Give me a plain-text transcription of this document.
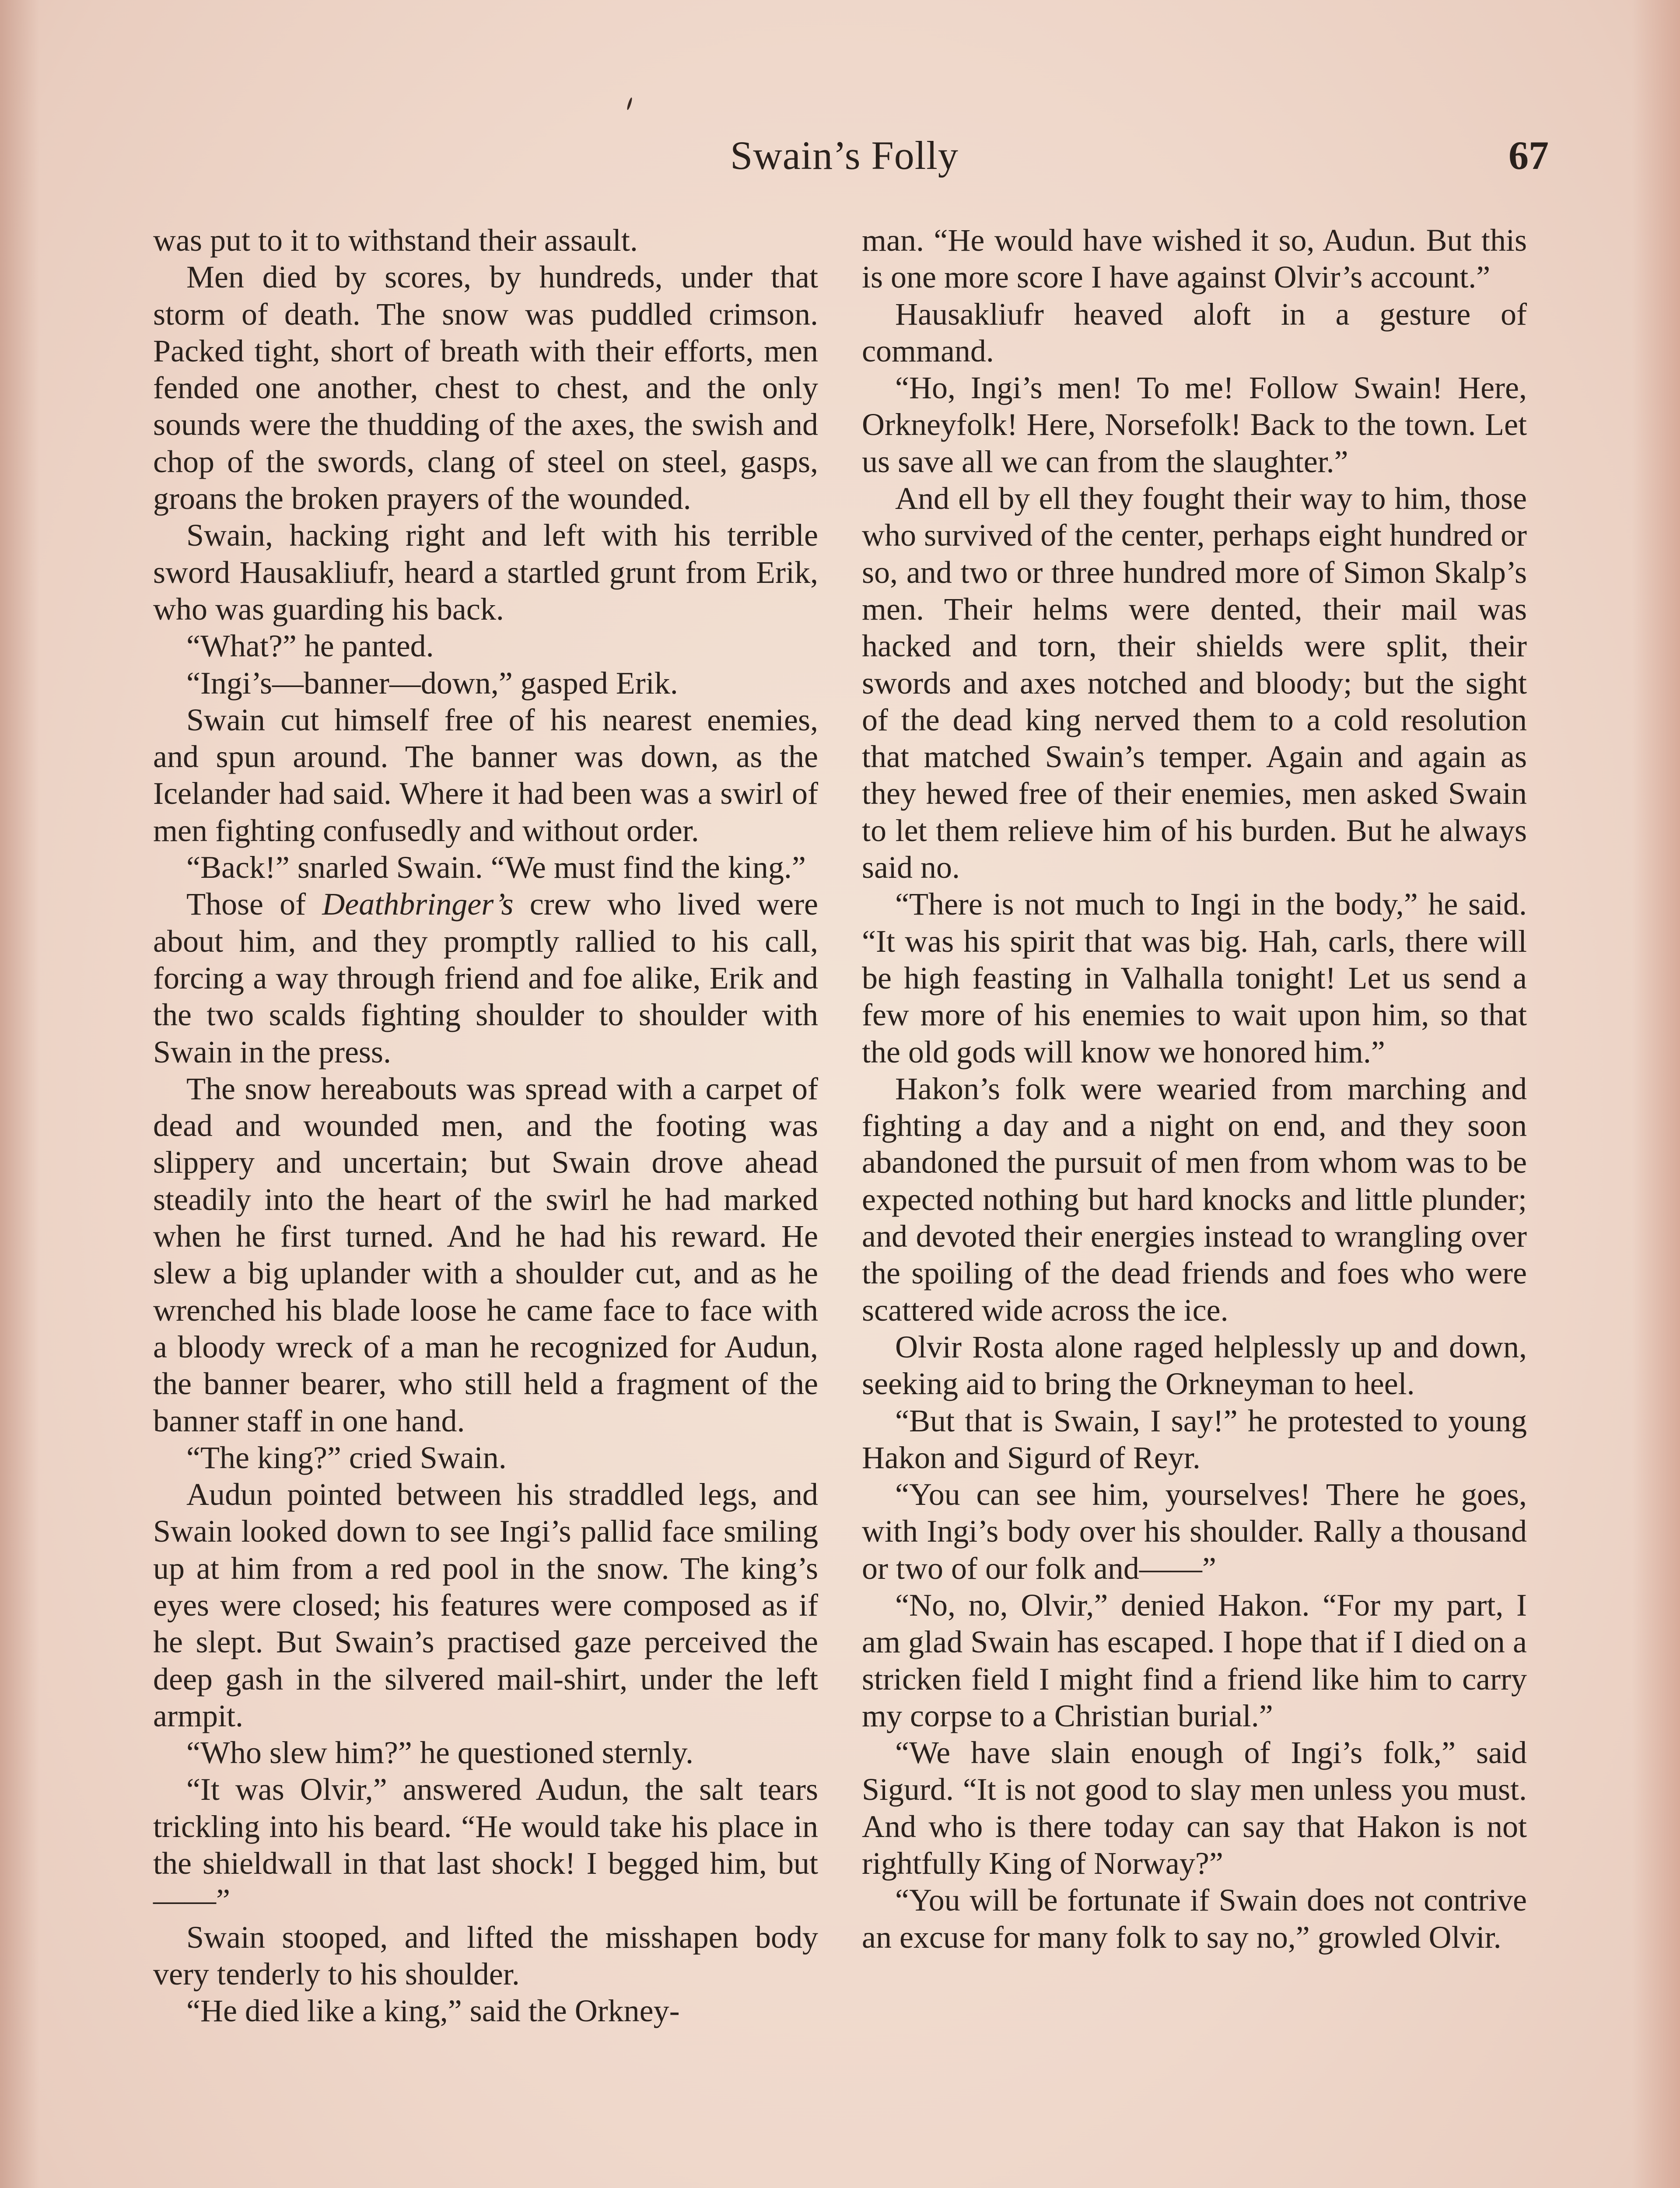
Swain’s Folly	67

was put to it to withstand their assault.

Men died by scores, by hundreds, under that storm of death. The snow was puddled crimson. Packed tight, short of breath with their efforts, men fended one another, chest to chest, and the only sounds were the thudding of the axes, the swish and chop of the swords, clang of steel on steel, gasps, groans the broken prayers of the wounded.

Swain, hacking right and left with his terrible sword Hausakliufr, heard a startled grunt from Erik, who was guarding his back.

“What?” he panted.

“Ingi’s—banner—down,” gasped Erik.

Swain cut himself free of his nearest enemies, and spun around. The banner was down, as the Icelander had said. Where it had been was a swirl of men fighting confusedly and without order.

“Back!” snarled Swain. “We must find the king.”

Those of Deathbringer’s crew who lived were about him, and they promptly rallied to his call, forcing a way through friend and foe alike, Erik and the two scalds fighting shoulder to shoulder with Swain in the press.

The snow hereabouts was spread with a carpet of dead and wounded men, and the footing was slippery and uncertain; but Swain drove ahead steadily into the heart of the swirl he had marked when he first turned. And he had his reward. He slew a big uplander with a shoulder cut, and as he wrenched his blade loose he came face to face with a bloody wreck of a man he recognized for Audun, the banner bearer, who still held a fragment of the banner staff in one hand.

“The king?” cried Swain.

Audun pointed between his straddled legs, and Swain looked down to see Ingi’s pallid face smiling up at him from a red pool in the snow. The king’s eyes were closed; his features were composed as if he slept. But Swain’s practised gaze perceived the deep gash in the silvered mail-shirt, under the left armpit.

“Who slew him?” he questioned sternly.

“It was Olvir,” answered Audun, the salt tears trickling into his beard. “He would take his place in the shieldwall in that last shock! I begged him, but——”

Swain stooped, and lifted the misshapen body very tenderly to his shoulder.

“He died like a king,” said the Orkney-

man. “He would have wished it so, Audun. But this is one more score I have against Olvir’s account.”

Hausakliufr heaved aloft in a gesture of command.

“Ho, Ingi’s men! To me! Follow Swain! Here, Orkneyfolk! Here, Norsefolk! Back to the town. Let us save all we can from the slaughter.”

And ell by ell they fought their way to him, those who survived of the center, perhaps eight hundred or so, and two or three hundred more of Simon Skalp’s men. Their helms were dented, their mail was hacked and torn, their shields were split, their swords and axes notched and bloody; but the sight of the dead king nerved them to a cold resolution that matched Swain’s temper. Again and again as they hewed free of their enemies, men asked Swain to let them relieve him of his burden. But he always said no.

“There is not much to Ingi in the body,” he said. “It was his spirit that was big. Hah, carls, there will be high feasting in Valhalla tonight! Let us send a few more of his enemies to wait upon him, so that the old gods will know we honored him.”

Hakon’s folk were wearied from marching and fighting a day and a night on end, and they soon abandoned the pursuit of men from whom was to be expected nothing but hard knocks and little plunder; and devoted their energies instead to wrangling over the spoiling of the dead friends and foes who were scattered wide across the ice.

Olvir Rosta alone raged helplessly up and down, seeking aid to bring the Orkneyman to heel.

“But that is Swain, I say!” he protested to young Hakon and Sigurd of Reyr.

“You can see him, yourselves! There he goes, with Ingi’s body over his shoulder. Rally a thousand or two of our folk and——”

“No, no, Olvir,” denied Hakon. “For my part, I am glad Swain has escaped. I hope that if I died on a stricken field I might find a friend like him to carry my corpse to a Christian burial.”

“We have slain enough of Ingi’s folk,” said Sigurd. “It is not good to slay men unless you must. And who is there today can say that Hakon is not rightfully King of Norway?”

“You will be fortunate if Swain does not contrive an excuse for many folk to say no,” growled Olvir.
